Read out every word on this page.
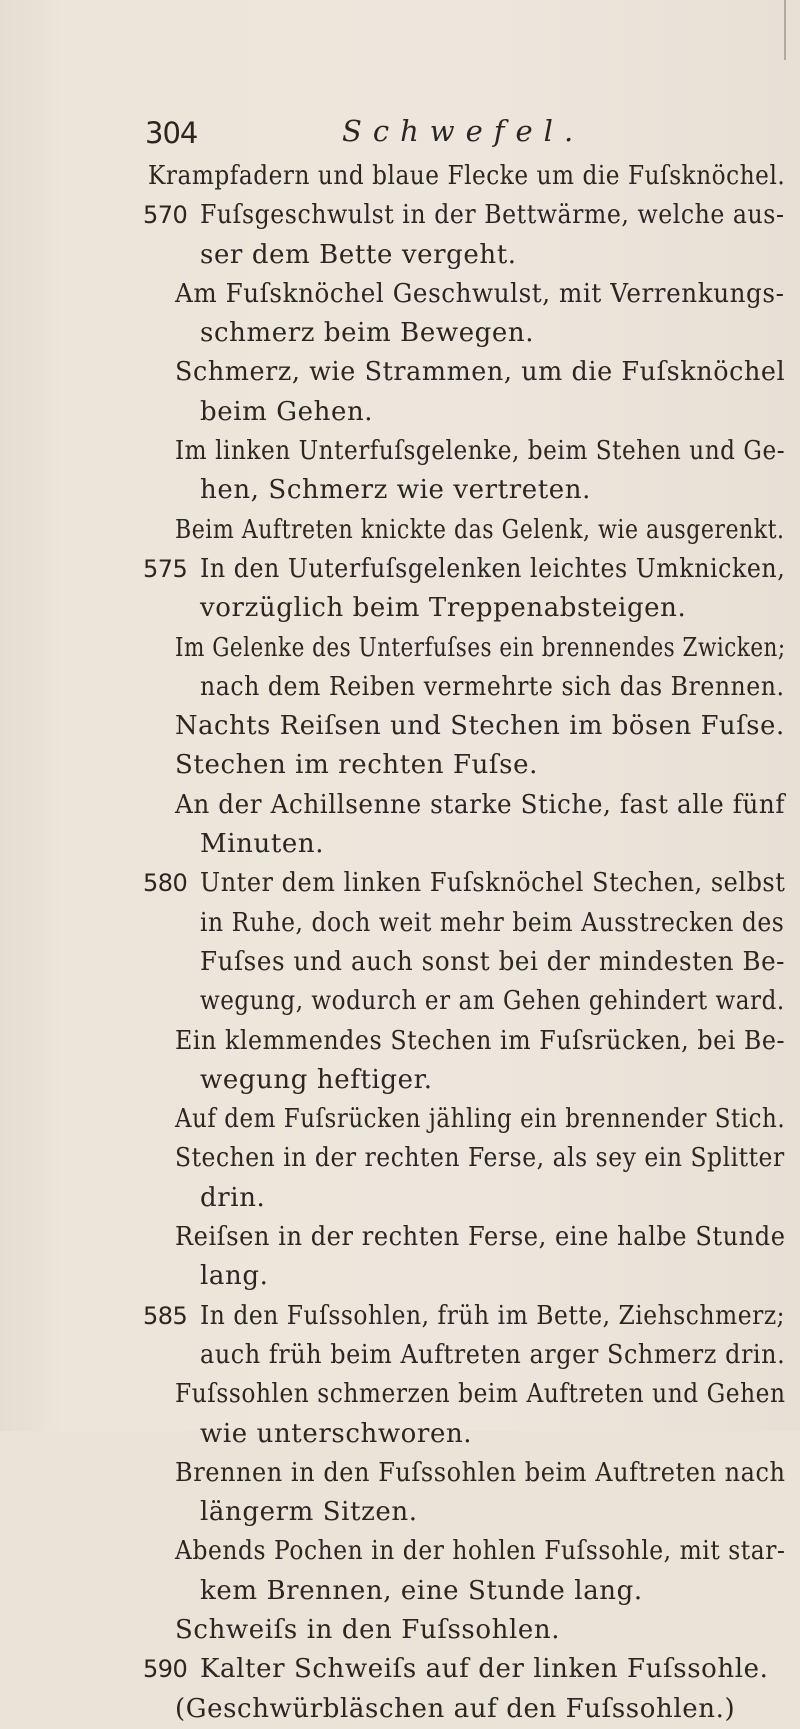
304	Schwefel.
Krampfadern und blaue Flecke um die Fuſsknöchel.
570 Fuſsgeschwulst in der Bettwärme, welche aus-
ser dem Bette vergeht.
Am Fuſsknöchel Geschwulst, mit Verrenkungs-
schmerz beim Bewegen.
Schmerz, wie Strammen, um die Fuſsknöchel
beim Gehen.
Im linken Unterfuſsgelenke, beim Stehen und Ge-
hen, Schmerz wie vertreten.
Beim Auftreten knickte das Gelenk, wie ausgerenkt.
575 In den Uuterfuſsgelenken leichtes Umknicken,
vorzüglich beim Treppenabsteigen.
Im Gelenke des Unterfuſses ein brennendes Zwicken;
nach dem Reiben vermehrte sich das Brennen.
Nachts Reiſsen und Stechen im bösen Fuſse.
Stechen im rechten Fuſse.
An der Achillsenne starke Stiche, fast alle fünf
Minuten.
580 Unter dem linken Fuſsknöchel Stechen, selbst
in Ruhe, doch weit mehr beim Ausstrecken des
Fuſses und auch sonst bei der mindesten Be-
wegung, wodurch er am Gehen gehindert ward.
Ein klemmendes Stechen im Fuſsrücken, bei Be-
wegung heftiger.
Auf dem Fuſsrücken jähling ein brennender Stich.
Stechen in der rechten Ferse, als sey ein Splitter
drin.
Reiſsen in der rechten Ferse, eine halbe Stunde
lang.
585 In den Fuſssohlen, früh im Bette, Ziehschmerz;
auch früh beim Auftreten arger Schmerz drin.
Fuſssohlen schmerzen beim Auftreten und Gehen
wie unterschworen.
Brennen in den Fuſssohlen beim Auftreten nach
längerm Sitzen.
Abends Pochen in der hohlen Fuſssohle, mit star-
kem Brennen, eine Stunde lang.
Schweiſs in den Fuſssohlen.
590 Kalter Schweiſs auf der linken Fuſssohle.
(Geschwürbläschen auf den Fuſssohlen.)
